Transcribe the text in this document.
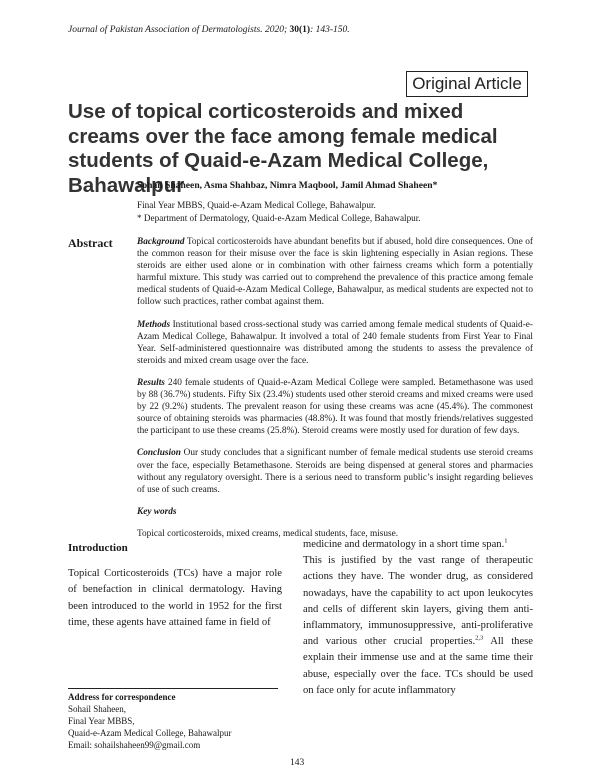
Journal of Pakistan Association of Dermatologists. 2020; 30(1): 143-150.
Original Article
Use of topical corticosteroids and mixed creams over the face among female medical students of Quaid-e-Azam Medical College, Bahawalpur
Sohail Shaheen, Asma Shahbaz, Nimra Maqbool, Jamil Ahmad Shaheen*
Final Year MBBS, Quaid-e-Azam Medical College, Bahawalpur.
* Department of Dermatology, Quaid-e-Azam Medical College, Bahawalpur.
Abstract	Background Topical corticosteroids have abundant benefits but if abused, hold dire consequences. One of the common reason for their misuse over the face is skin lightening especially in Asian regions. These steroids are either used alone or in combination with other fairness creams which form a potentially harmful mixture. This study was carried out to comprehend the prevalence of this practice among female medical students of Quaid-e-Azam Medical College, Bahawalpur, as medical students are expected not to follow such practices, rather combat against them.

Methods Institutional based cross-sectional study was carried among female medical students of Quaid-e-Azam Medical College, Bahawalpur. It involved a total of 240 female students from First Year to Final Year. Self-administered questionnaire was distributed among the students to assess the prevalence of steroids and mixed cream usage over the face.

Results 240 female students of Quaid-e-Azam Medical College were sampled. Betamethasone was used by 88 (36.7%) students. Fifty Six (23.4%) students used other steroid creams and mixed creams were used by 22 (9.2%) students. The prevalent reason for using these creams was acne (45.4%). The commonest source of obtaining steroids was pharmacies (48.8%). It was found that mostly friends/relatives suggested the participant to use these creams (25.8%). Steroid creams were mostly used for duration of few days.

Conclusion Our study concludes that a significant number of female medical students use steroid creams over the face, especially Betamethasone. Steroids are being dispensed at general stores and pharmacies without any regulatory oversight. There is a serious need to transform public’s insight regarding believes of use of such creams.

Key words

Topical corticosteroids, mixed creams, medical students, face, misuse.

Introduction

Topical Corticosteroids (TCs) have a major role of benefaction in clinical dermatology. Having been introduced to the world in 1952 for the first time, these agents have attained fame in field of

Address for correspondence
Sohail Shaheen,
Final Year MBBS,
Quaid-e-Azam Medical College, Bahawalpur
Email: sohailshaheen99@gmail.com

medicine and dermatology in a short time span.$^1$

This is justified by the vast range of therapeutic actions they have. The wonder drug, as considered nowadays, have the capability to act upon leukocytes and cells of different skin layers, giving them anti-inflammatory, immunosuppressive, anti-proliferative and various other crucial properties.$^{2,3}$ All these explain their immense use and at the same time their abuse, especially over the face. TCs should be used on face only for acute inflammatory

143
